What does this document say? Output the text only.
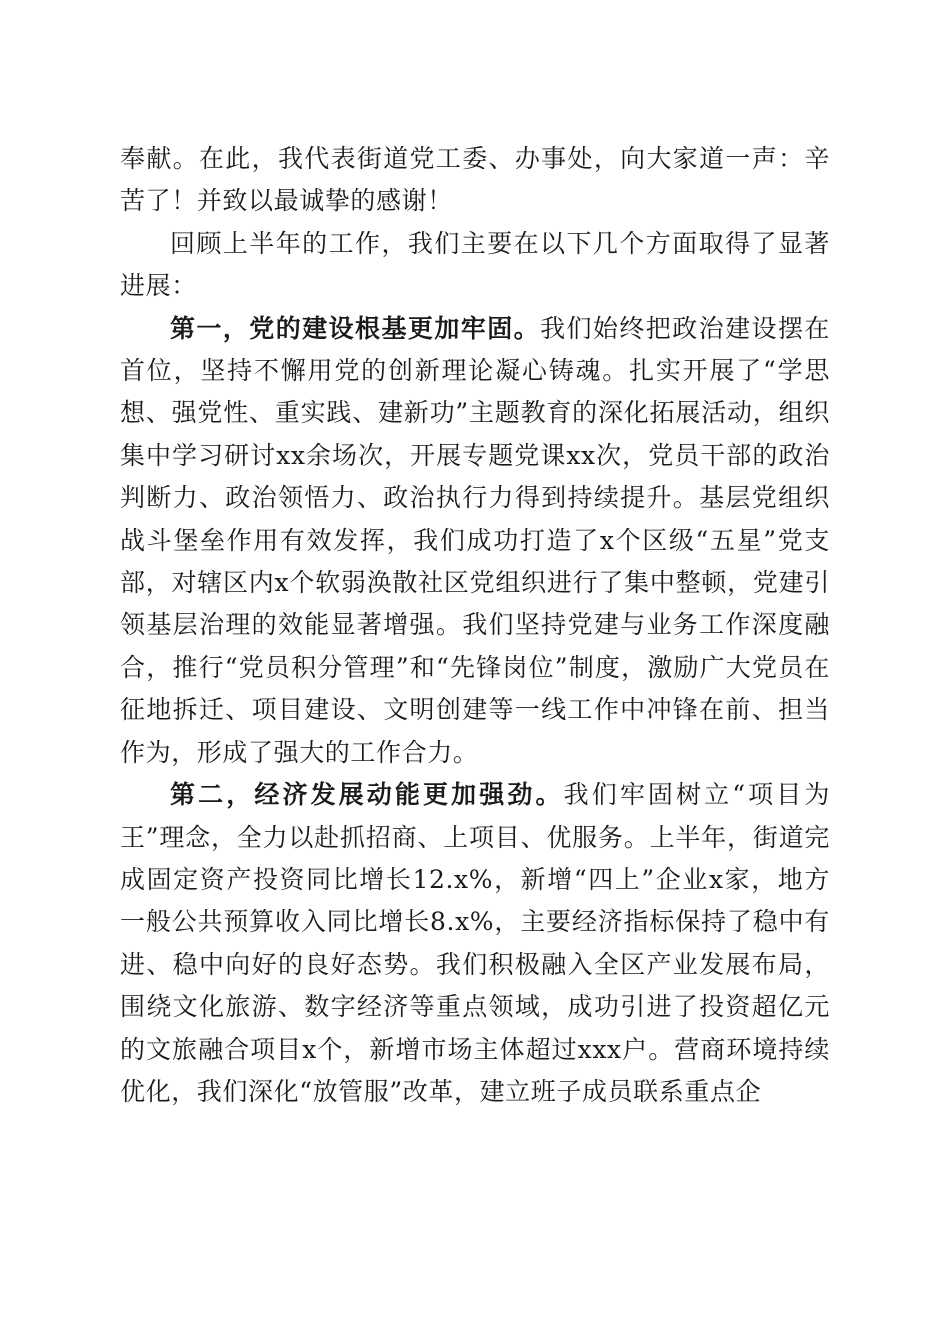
奉献。在此，我代表街道党工委、办事处，向大家道一声：辛苦了！并致以最诚挚的感谢！

回顾上半年的工作，我们主要在以下几个方面取得了显著进展：

第一，党的建设根基更加牢固。我们始终把政治建设摆在首位，坚持不懈用党的创新理论凝心铸魂。扎实开展了“学思想、强党性、重实践、建新功”主题教育的深化拓展活动，组织集中学习研讨xx余场次，开展专题党课xx次，党员干部的政治判断力、政治领悟力、政治执行力得到持续提升。基层党组织战斗堡垒作用有效发挥，我们成功打造了x个区级“五星”党支部，对辖区内x个软弱涣散社区党组织进行了集中整顿，党建引领基层治理的效能显著增强。我们坚持党建与业务工作深度融合，推行“党员积分管理”和“先锋岗位”制度，激励广大党员在征地拆迁、项目建设、文明创建等一线工作中冲锋在前、担当作为，形成了强大的工作合力。

第二，经济发展动能更加强劲。我们牢固树立“项目为王”理念，全力以赴抓招商、上项目、优服务。上半年，街道完成固定资产投资同比增长12.x%，新增“四上”企业x家，地方一般公共预算收入同比增长8.x%，主要经济指标保持了稳中有进、稳中向好的良好态势。我们积极融入全区产业发展布局，围绕文化旅游、数字经济等重点领域，成功引进了投资超亿元的文旅融合项目x个，新增市场主体超过xxx户。营商环境持续优化，我们深化“放管服”改革，建立班子成员联系重点企
